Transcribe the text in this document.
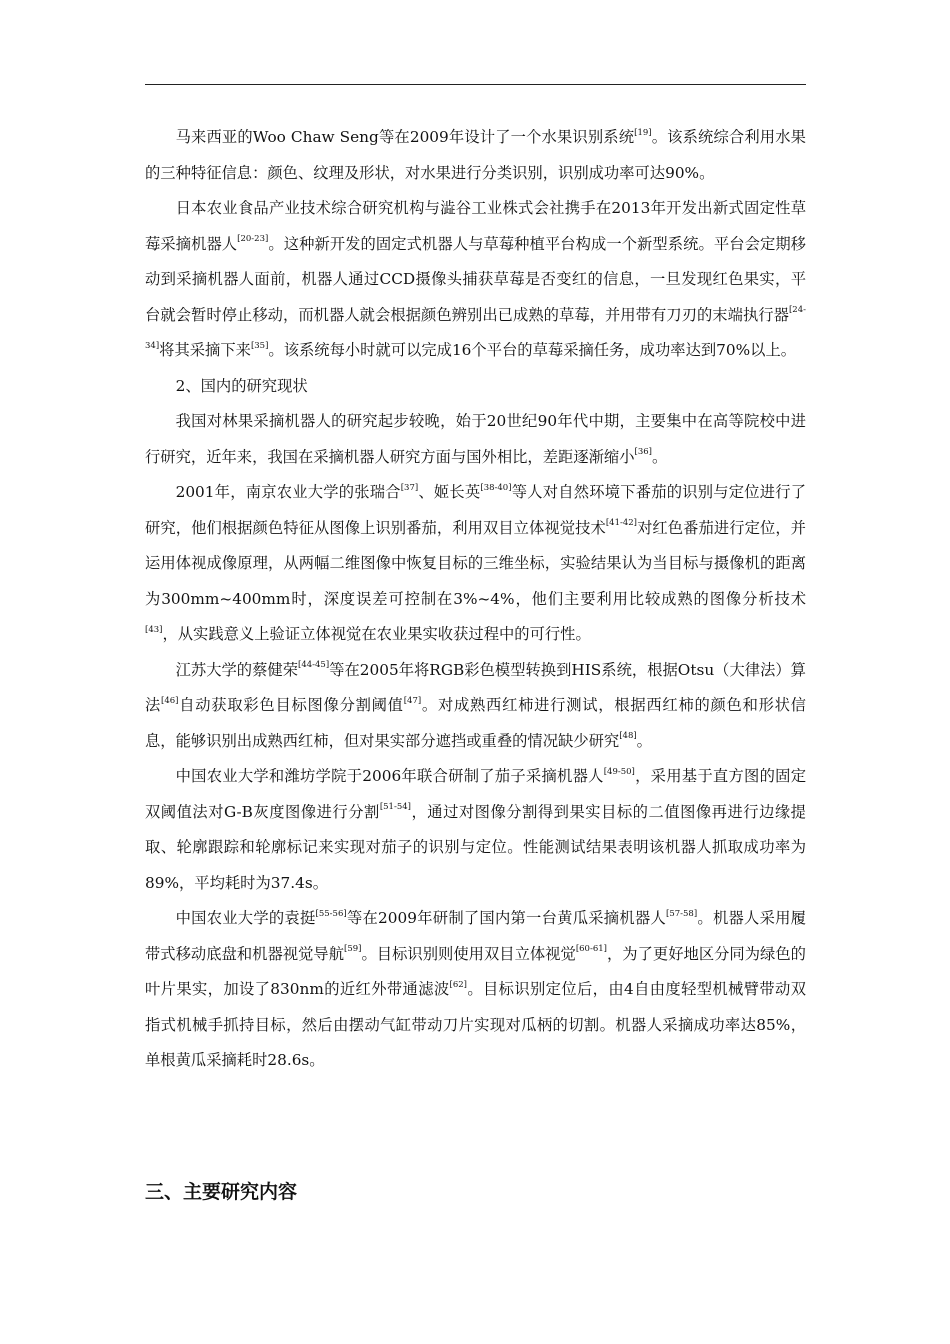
马来西亚的Woo Chaw Seng等在2009年设计了一个水果识别系统[19]。该系统综合利用水果的三种特征信息：颜色、纹理及形状，对水果进行分类识别，识别成功率可达90%。

日本农业食品产业技术综合研究机构与澁谷工业株式会社携手在2013年开发出新式固定性草莓采摘机器人[20-23]。这种新开发的固定式机器人与草莓种植平台构成一个新型系统。平台会定期移动到采摘机器人面前，机器人通过CCD摄像头捕获草莓是否变红的信息，一旦发现红色果实，平台就会暂时停止移动，而机器人就会根据颜色辨别出已成熟的草莓，并用带有刀刃的末端执行器[24-34]将其采摘下来[35]。该系统每小时就可以完成16个平台的草莓采摘任务，成功率达到70%以上。

2、国内的研究现状

我国对林果采摘机器人的研究起步较晚，始于20世纪90年代中期，主要集中在高等院校中进行研究，近年来，我国在采摘机器人研究方面与国外相比，差距逐渐缩小[36]。

2001年，南京农业大学的张瑞合[37]、姬长英[38-40]等人对自然环境下番茄的识别与定位进行了研究，他们根据颜色特征从图像上识别番茄，利用双目立体视觉技术[41-42]对红色番茄进行定位，并运用体视成像原理，从两幅二维图像中恢复目标的三维坐标，实验结果认为当目标与摄像机的距离为300mm~400mm时，深度误差可控制在3%~4%，他们主要利用比较成熟的图像分析技术[43]，从实践意义上验证立体视觉在农业果实收获过程中的可行性。

江苏大学的蔡健荣[44-45]等在2005年将RGB彩色模型转换到HIS系统，根据Otsu（大律法）算法[46]自动获取彩色目标图像分割阈值[47]。对成熟西红柿进行测试，根据西红柿的颜色和形状信息，能够识别出成熟西红柿，但对果实部分遮挡或重叠的情况缺少研究[48]。

中国农业大学和潍坊学院于2006年联合研制了茄子采摘机器人[49-50]，采用基于直方图的固定双阈值法对G-B灰度图像进行分割[51-54]，通过对图像分割得到果实目标的二值图像再进行边缘提取、轮廓跟踪和轮廓标记来实现对茄子的识别与定位。性能测试结果表明该机器人抓取成功率为89%，平均耗时为37.4s。

中国农业大学的袁挺[55-56]等在2009年研制了国内第一台黄瓜采摘机器人[57-58]。机器人采用履带式移动底盘和机器视觉导航[59]。目标识别则使用双目立体视觉[60-61]，为了更好地区分同为绿色的叶片果实，加设了830nm的近红外带通滤波[62]。目标识别定位后，由4自由度轻型机械臂带动双指式机械手抓持目标，然后由摆动气缸带动刀片实现对瓜柄的切割。机器人采摘成功率达85%，单根黄瓜采摘耗时28.6s。

三、主要研究内容
